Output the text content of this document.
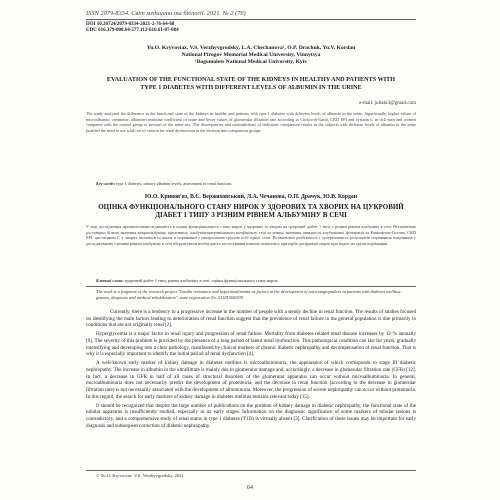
ISSN 2079-8334. Світ медицини та біології. 2021. № 2 (76)
DOI 10.26724/2079-8334-2021-2-76-64-68
UDC 616.379-008.64-577.112-616.61-07-084
Yu.O. Kryvoviaz, V.S. Verzhyvgrodsky, L.A. Chechanova¹, O.P. Drachuk, Yu.V. Kordan
National Pirogov Memorial Medical University, Vinnytsya
¹Bogomolets National Medical University, Kyiv
EVALUATION OF THE FUNCTIONAL STATE OF THE KIDNEYS IN HEALTHY AND PATIENTS WITH TYPE 1 DIABETES WITH DIFFERENT LEVELS OF ALBUMIN IN THE URINE
e-mail: juliakr3@gmail.com
The study analyzed the difference in the functional state of the kidneys in healthy and patients with type 1 diabetes with different levels of albumin in the urine. Significantly, higher values of microalbumin, creatinine, albumin-creatinine coefficient of urine and lower values of glomerular filtration rate according to Cockcroft-Gault, CKD EPI and cystatin C in sick men and women compared with the control group of persons of the same sex. The discrepancies and contradictions of indicators comparison results in the subjects with different levels of albumin in the urine justified the need to use a full set of criteria for renal dysfunction in the division into comparison groups.
Key words: type 1 diabetes, urinary albumin levels, assessment of renal function.
Ю.О. Кривов'яз, В.С. Вержиховський, Л.А. Чечанова, О.П. Драчук, Ю.В. Кордан
ОЦІНКА ФУНКЦІОНАЛЬНОГО СТАНУ НИРОК У ЗДОРОВИХ ТА ХВОРИХ НА ЦУКРОВИЙ ДІАБЕТ 1 ТИПУ З РІЗНИМ РІВНЕМ АЛЬБУМІНУ В СЕЧІ
У ході дослідження проаналізовано відмінність в оцінці функціонального стану нирок у здорових та хворих на цукровий діабет 1 типу з різним рівнем альбуміну в сечі. Встановлено достовірно більші значення мікроальбуміну, креатиніну, альбумін-креатинінового коефіцієнту сечі та менші значення швидкості клубочкової фільтрації за Кокрофтом-Голтом, CKD EPI, цистатином С у хворих чоловіків та жінок в порівнянні з контрольною групою осіб однієї статі. Встановлені розбіжності і суперечливість результатів порівняння показників у досліджуваних з різним рівнем альбуміну в сечі обґрунтували необхідність застосування повного комплексу критеріїв дисфункції нирок при поділі на групи порівняння.
Ключові слова: цукровий діабет 1 типу, рівень альбуміну в сечі, оцінка функціонального стану нирок.
The work is a fragment of the research project "Insulin resistance and hyperinsulinemia as factors in the development of microangiopathies in patients with diabetes mellitus: genesis, diagnosis and medical rehabilitation", state registration No. 0118U000539.

Currently, there is a tendency to a progressive increase in the number of people with a steady decline in renal function. The results of studies focused on identifying the main factors leading to deterioration of renal function suggest that the prevalence of renal failure in the general population is due primarily to conditions that are not originally renal [2].

Hyperglycemia is a major factor in renal injury and progression of renal failure. Mortality from diabetes-related renal disease increases by 12 % annually [9]. The severity of this problem is provided by the presence of a long period of latent renal dysfunction. This pathological condition can last for years, gradually intensifying and developing into a clear pathology, manifested by clinical markers of chronic diabetic nephropathy and decompensation of renal function. That is why it is especially important to identify the initial period of renal dysfunction [4].

A well-known early marker of kidney damage in diabetes mellitus is microalbuminuria, the appearance of which corresponds to stage III diabetic nephropathy. The increase in albumin in the ultrafiltrate is mainly due to glomerular damage and, accordingly, a decrease in glomerular filtration rate (GFR) [12]. In fact, a decrease in GFR in half of all cases of structural disorders of the glomerular apparatus can occur without microalbuminuria. In general, microalbuminuria does not necessarily predict the development of proteinuria, and the decrease in renal function (according to the decrease in glomerular filtration rate) is not necessarily associated with the development of albuminuria. Moreover, the progression of severe nephropathy can occur without proteinuria. In this regard, the search for early markers of kidney damage in diabetes mellitus remains relevant today [15].

It should be recognized that despite the large number of publications on the problem of kidney damage in diabetic nephropathy, the functional state of the tubular apparatus is insufficiently studied, especially in its early stages. Information on the diagnostic significance of some markers of tubular lesions is contradictory, and a comprehensive study of renal status in type 1 diabetes (T1D) is virtually absent [3]. Clarification of these issues may be important for early diagnosis and subsequent correction of diabetic nephropathy.

© Yu.O. Kryvoviaz, V.S. Verzhyvgrodsky, 2021
64
